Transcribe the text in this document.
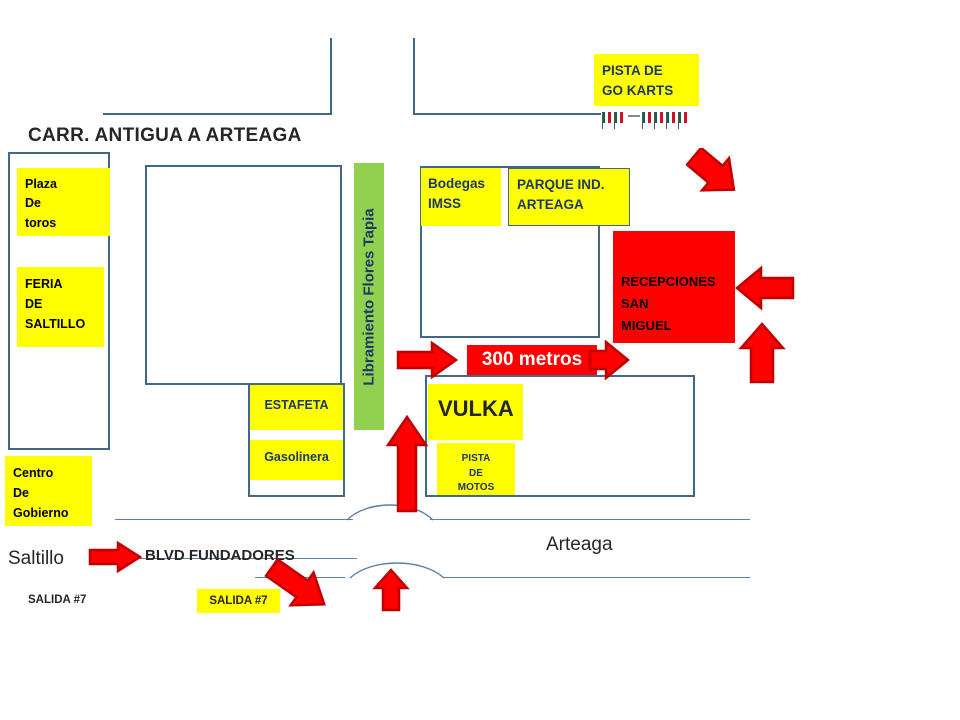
Libramiento Flores Tapia
CARR. ANTIGUA A ARTEAGA
Plaza
De
toros
FERIA
DE
SALTILLO
Centro
De
Gobierno
Bodegas
IMSS
PARQUE IND.
ARTEAGA
PISTA DE
GO KARTS
RECEPCIONES
SAN
MIGUEL
ESTAFETA
Gasolinera
VULKA
PISTA
DE
MOTOS
300 metros
BLVD FUNDADORES
Saltillo
Arteaga
SALIDA #7	SALIDA #7
